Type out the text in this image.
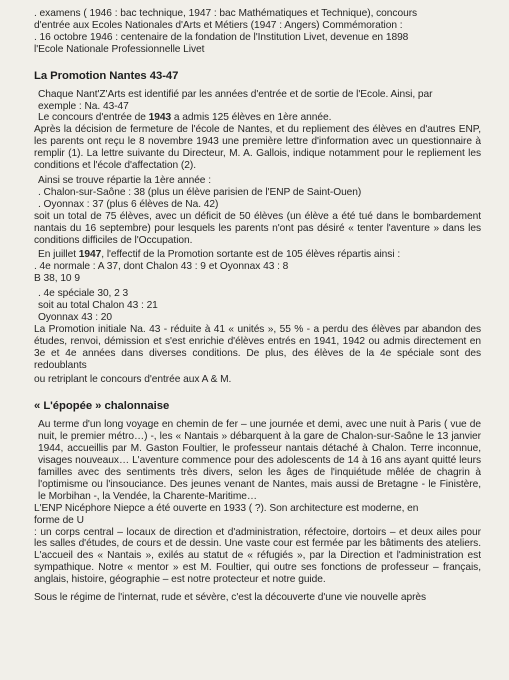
. examens ( 1946 : bac technique, 1947 : bac Mathématiques et Technique), concours

d'entrée aux Ecoles Nationales d'Arts et Métiers (1947 : Angers) Commémoration :

. 16 octobre 1946 : centenaire de la fondation de l'Institution Livet, devenue en 1898

l'Ecole Nationale Professionnelle Livet

La Promotion Nantes 43-47

Chaque Nant'Z'Arts est identifié par les années d'entrée et de sortie de l'Ecole. Ainsi, par

exemple : Na. 43-47

Le concours d'entrée de 1943 a admis 125 élèves en 1ère année.

Après la décision de fermeture de l'école de Nantes, et du repliement des élèves en d'autres ENP, les parents ont reçu le 8 novembre 1943 une première lettre d'information avec un questionnaire à remplir (1). La lettre suivante du Directeur, M. A. Gallois, indique notamment pour le repliement les conditions et l'école d'affectation (2).

Ainsi se trouve répartie la 1ère année :

. Chalon-sur-Saône : 38 (plus un élève parisien de l'ENP de Saint-Ouen)

. Oyonnax : 37 (plus 6 élèves de Na. 42)

soit un total de 75 élèves, avec un déficit de 50 élèves (un élève a été tué dans le bombardement nantais du 16 septembre) pour lesquels les parents n'ont pas désiré « tenter l'aventure » dans les conditions difficiles de l'Occupation.

En juillet 1947, l'effectif de la Promotion sortante est de 105 élèves répartis ainsi :

. 4e normale : A 37, dont Chalon 43 : 9 et Oyonnax 43 : 8

B 38, 10 9

. 4e spéciale 30, 2 3

soit au total Chalon 43 : 21

Oyonnax 43 : 20

La Promotion initiale Na. 43 - réduite à 41 « unités », 55 % - a perdu des élèves par abandon des études, renvoi, démission et s'est enrichie d'élèves entrés en 1941, 1942 ou admis directement en 3e et 4e années dans diverses conditions. De plus, des élèves de la 4e spéciale sont des redoublants

ou retriplant le concours d'entrée aux A & M.

« L'épopée » chalonnaise

Au terme d'un long voyage en chemin de fer – une journée et demi, avec une nuit à Paris ( vue de nuit, le premier métro…) -, les « Nantais » débarquent à la gare de Chalon-sur-Saône le 13 janvier 1944, accueillis par M. Gaston Foultier, le professeur nantais détaché à Chalon. Terre inconnue, visages nouveaux… L'aventure commence pour des adolescents de 14 à 16 ans ayant quitté leurs familles avec des sentiments très divers, selon les âges de l'inquiétude mêlée de chagrin à l'optimisme ou l'insouciance. Des jeunes venant de Nantes, mais aussi de Bretagne - le Finistère, le Morbihan -, la Vendée, la Charente-Maritime…

L'ENP Nicéphore Niepce a été ouverte en 1933 ( ?). Son architecture est moderne, en

forme de U

: un corps central – locaux de direction et d'administration, réfectoire, dortoirs – et deux ailes pour les salles d'études, de cours et de dessin. Une vaste cour est fermée par les bâtiments des ateliers. L'accueil des « Nantais », exilés au statut de « réfugiés », par la Direction et l'administration est sympathique. Notre « mentor » est M. Foultier, qui outre ses fonctions de professeur – français, anglais, histoire, géographie – est notre protecteur et notre guide.

Sous le régime de l'internat, rude et sévère, c'est la découverte d'une vie nouvelle après
